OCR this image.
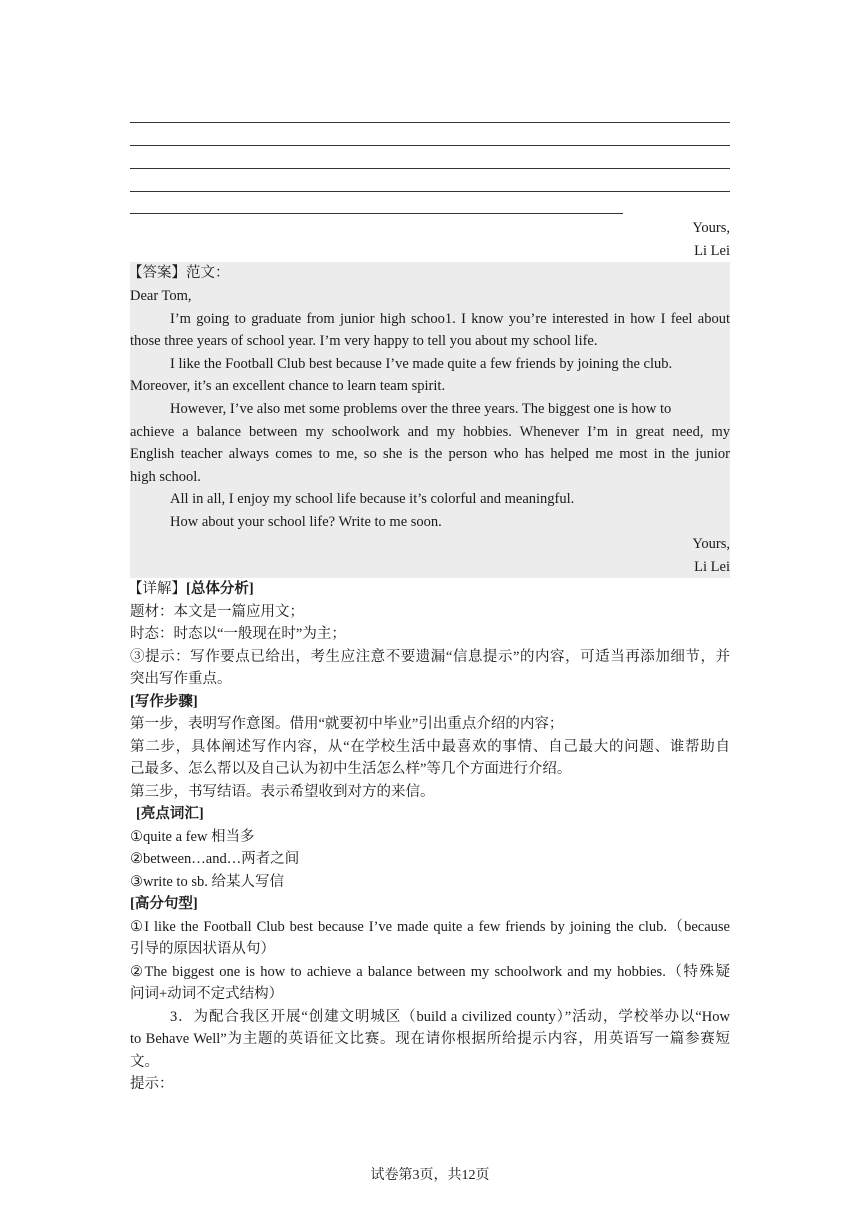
Yours,
Li Lei
【答案】范文：
Dear Tom,
I’m going to graduate from junior high schoo1. I know you’re interested in how I feel about
those three years of school year. I’m very happy to tell you about my school life.
I like the Football Club best because I’ve made quite a few friends by joining the club.
Moreover, it’s an excellent chance to learn team spirit.
However, I’ve also met some problems over the three years. The biggest one is how to
achieve a balance between my schoolwork and my hobbies. Whenever I’m in great need, my
English teacher always comes to me, so she is the person who has helped me most in the junior
high school.
All in all, I enjoy my school life because it’s colorful and meaningful.
How about your school life? Write to me soon.
Yours,
Li Lei
【详解】[总体分析]
题材：本文是一篇应用文；
时态：时态以“一般现在时”为主；
③提示：写作要点已给出，考生应注意不要遗漏“信息提示”的内容，可适当再添加细节，并
突出写作重点。
[写作步骤]
第一步，表明写作意图。借用“就要初中毕业”引出重点介绍的内容；
第二步，具体阐述写作内容，从“在学校生活中最喜欢的事情、自己最大的问题、谁帮助自
己最多、怎么帮以及自己认为初中生活怎么样”等几个方面进行介绍。
第三步，书写结语。表示希望收到对方的来信。
[亮点词汇]
①quite a few 相当多
②between…and…两者之间
③write to sb. 给某人写信
[高分句型]
①I like the Football Club best because I’ve made quite a few friends by joining the club.（because
引导的原因状语从句）
②The biggest one is how to achieve a balance between my schoolwork and my hobbies.（特殊疑
问词+动词不定式结构）
3．为配合我区开展“创建文明城区（build a civilized county）”活动，学校举办以“How
to Behave Well”为主题的英语征文比赛。现在请你根据所给提示内容，用英语写一篇参赛短
文。
提示：
试卷第3页，共12页
